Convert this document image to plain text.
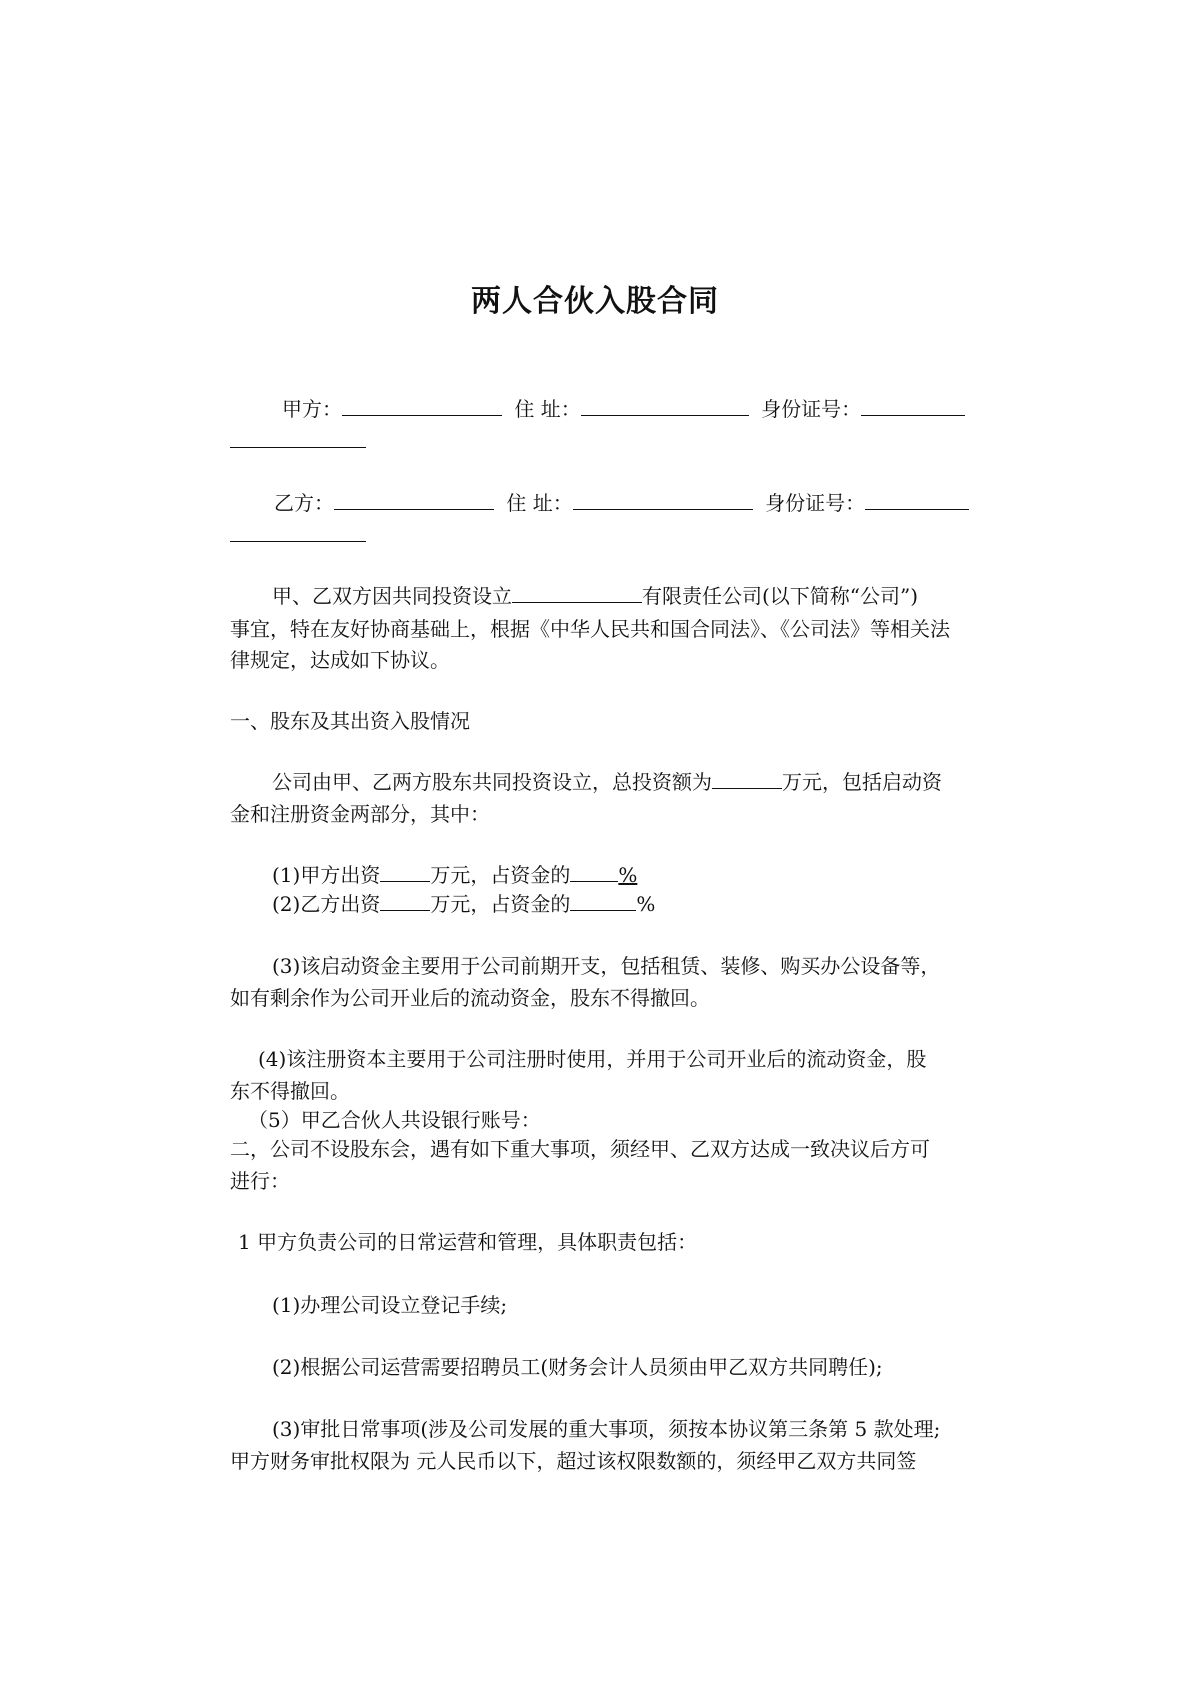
两人合伙入股合同
甲方：	住 址：	身份证号：
乙方：	住 址：	身份证号：
甲、乙双方因共同投资设立	有限责任公司(以下简称“公司”)
事宜，特在友好协商基础上，根据《中华人民共和国合同法》、《公司法》等相关法
律规定，达成如下协议。
一、股东及其出资入股情况
公司由甲、乙两方股东共同投资设立，总投资额为	万元，包括启动资
金和注册资金两部分，其中：
(1)甲方出资	万元，占资金的 %
(2)乙方出资	万元，占资金的	%
(3)该启动资金主要用于公司前期开支，包括租赁、装修、购买办公设备等，
如有剩余作为公司开业后的流动资金，股东不得撤回。
(4)该注册资本主要用于公司注册时使用，并用于公司开业后的流动资金，股
东不得撤回。
（5）甲乙合伙人共设银行账号：
二，公司不设股东会，遇有如下重大事项，须经甲、乙双方达成一致决议后方可
进行：
1 甲方负责公司的日常运营和管理，具体职责包括：
(1)办理公司设立登记手续;
(2)根据公司运营需要招聘员工(财务会计人员须由甲乙双方共同聘任);
(3)审批日常事项(涉及公司发展的重大事项，须按本协议第三条第 5 款处理;
甲方财务审批权限为 元人民币以下，超过该权限数额的，须经甲乙双方共同签
